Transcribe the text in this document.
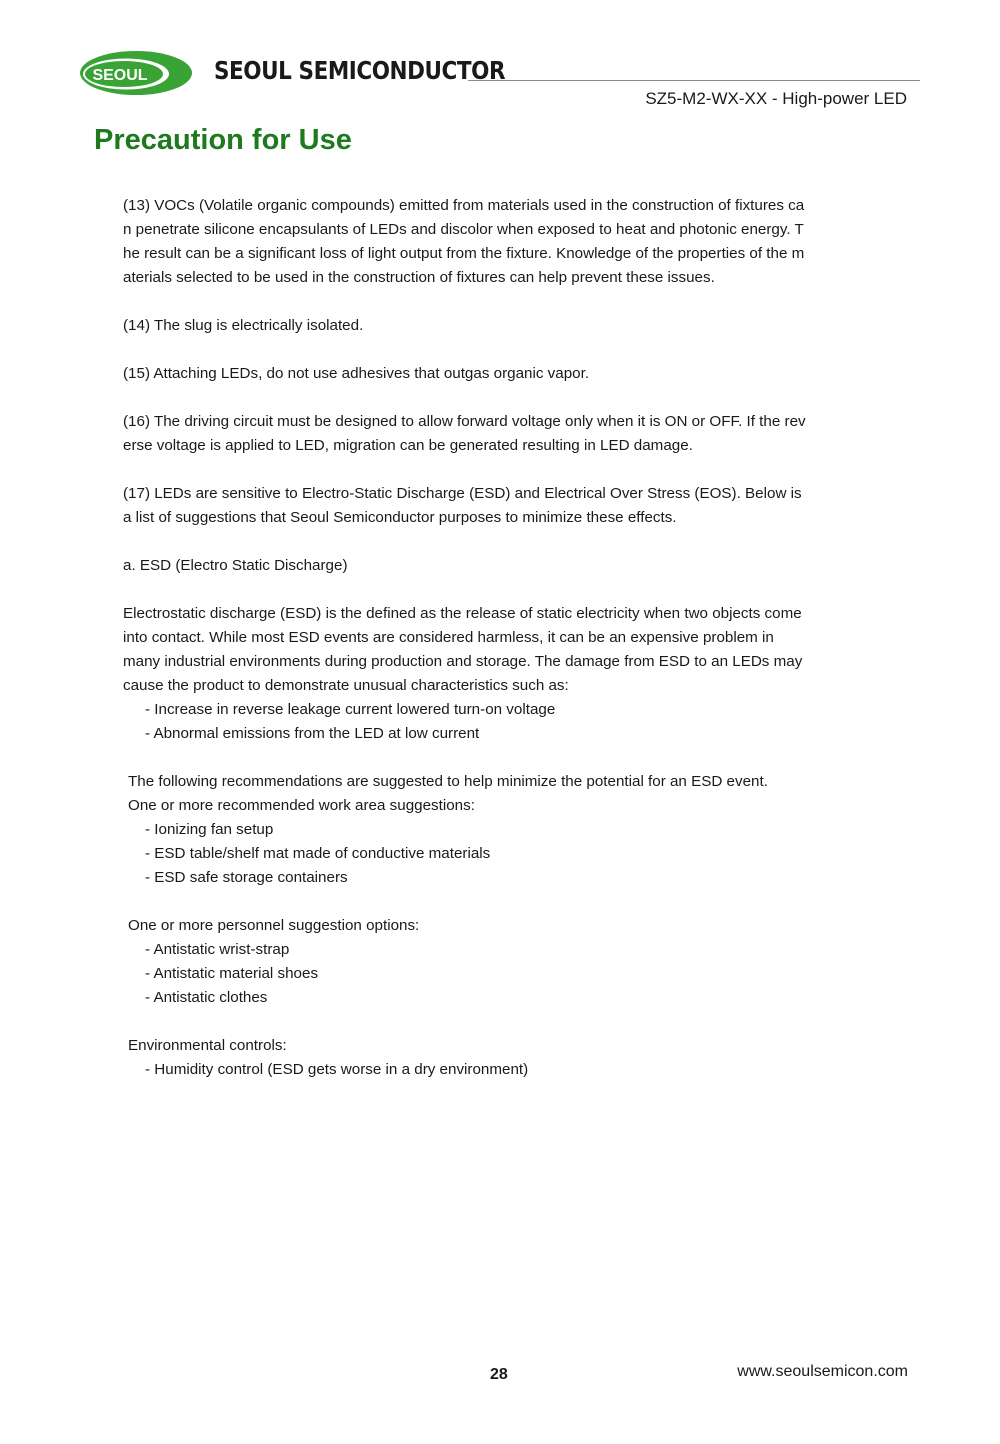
SEOUL	SEOUL SEMICONDUCTOR
SZ5-M2-WX-XX - High-power LED
Precaution for Use

(13) VOCs (Volatile organic compounds) emitted from materials used in the construction of fixtures ca
n penetrate silicone encapsulants of LEDs and discolor when exposed to heat and photonic energy. T
he result can be a significant loss of light output from the fixture. Knowledge of the properties of the m
aterials selected to be used in the construction of fixtures can help prevent these issues.

(14) The slug is electrically isolated.

(15) Attaching LEDs, do not use adhesives that outgas organic vapor.

(16) The driving circuit must be designed to allow forward voltage only when it is ON or OFF. If the rev
erse voltage is applied to LED, migration can be generated resulting in LED damage.

(17) LEDs are sensitive to Electro-Static Discharge (ESD) and Electrical Over Stress (EOS). Below is
a list of suggestions that Seoul Semiconductor purposes to minimize these effects.

a. ESD (Electro Static Discharge)

Electrostatic discharge (ESD) is the defined as the release of static electricity when two objects come
into contact. While most ESD events are considered harmless, it can be an expensive problem in
many industrial environments during production and storage. The damage from ESD to an LEDs may
cause the product to demonstrate unusual characteristics such as:

- Increase in reverse leakage current lowered turn-on voltage
- Abnormal emissions from the LED at low current

The following recommendations are suggested to help minimize the potential for an ESD event.
One or more recommended work area suggestions:

- Ionizing fan setup
- ESD table/shelf mat made of conductive materials
- ESD safe storage containers

One or more personnel suggestion options:

- Antistatic wrist-strap
- Antistatic material shoes
- Antistatic clothes

Environmental controls:

- Humidity control (ESD gets worse in a dry environment)
28	www.seoulsemicon.com
